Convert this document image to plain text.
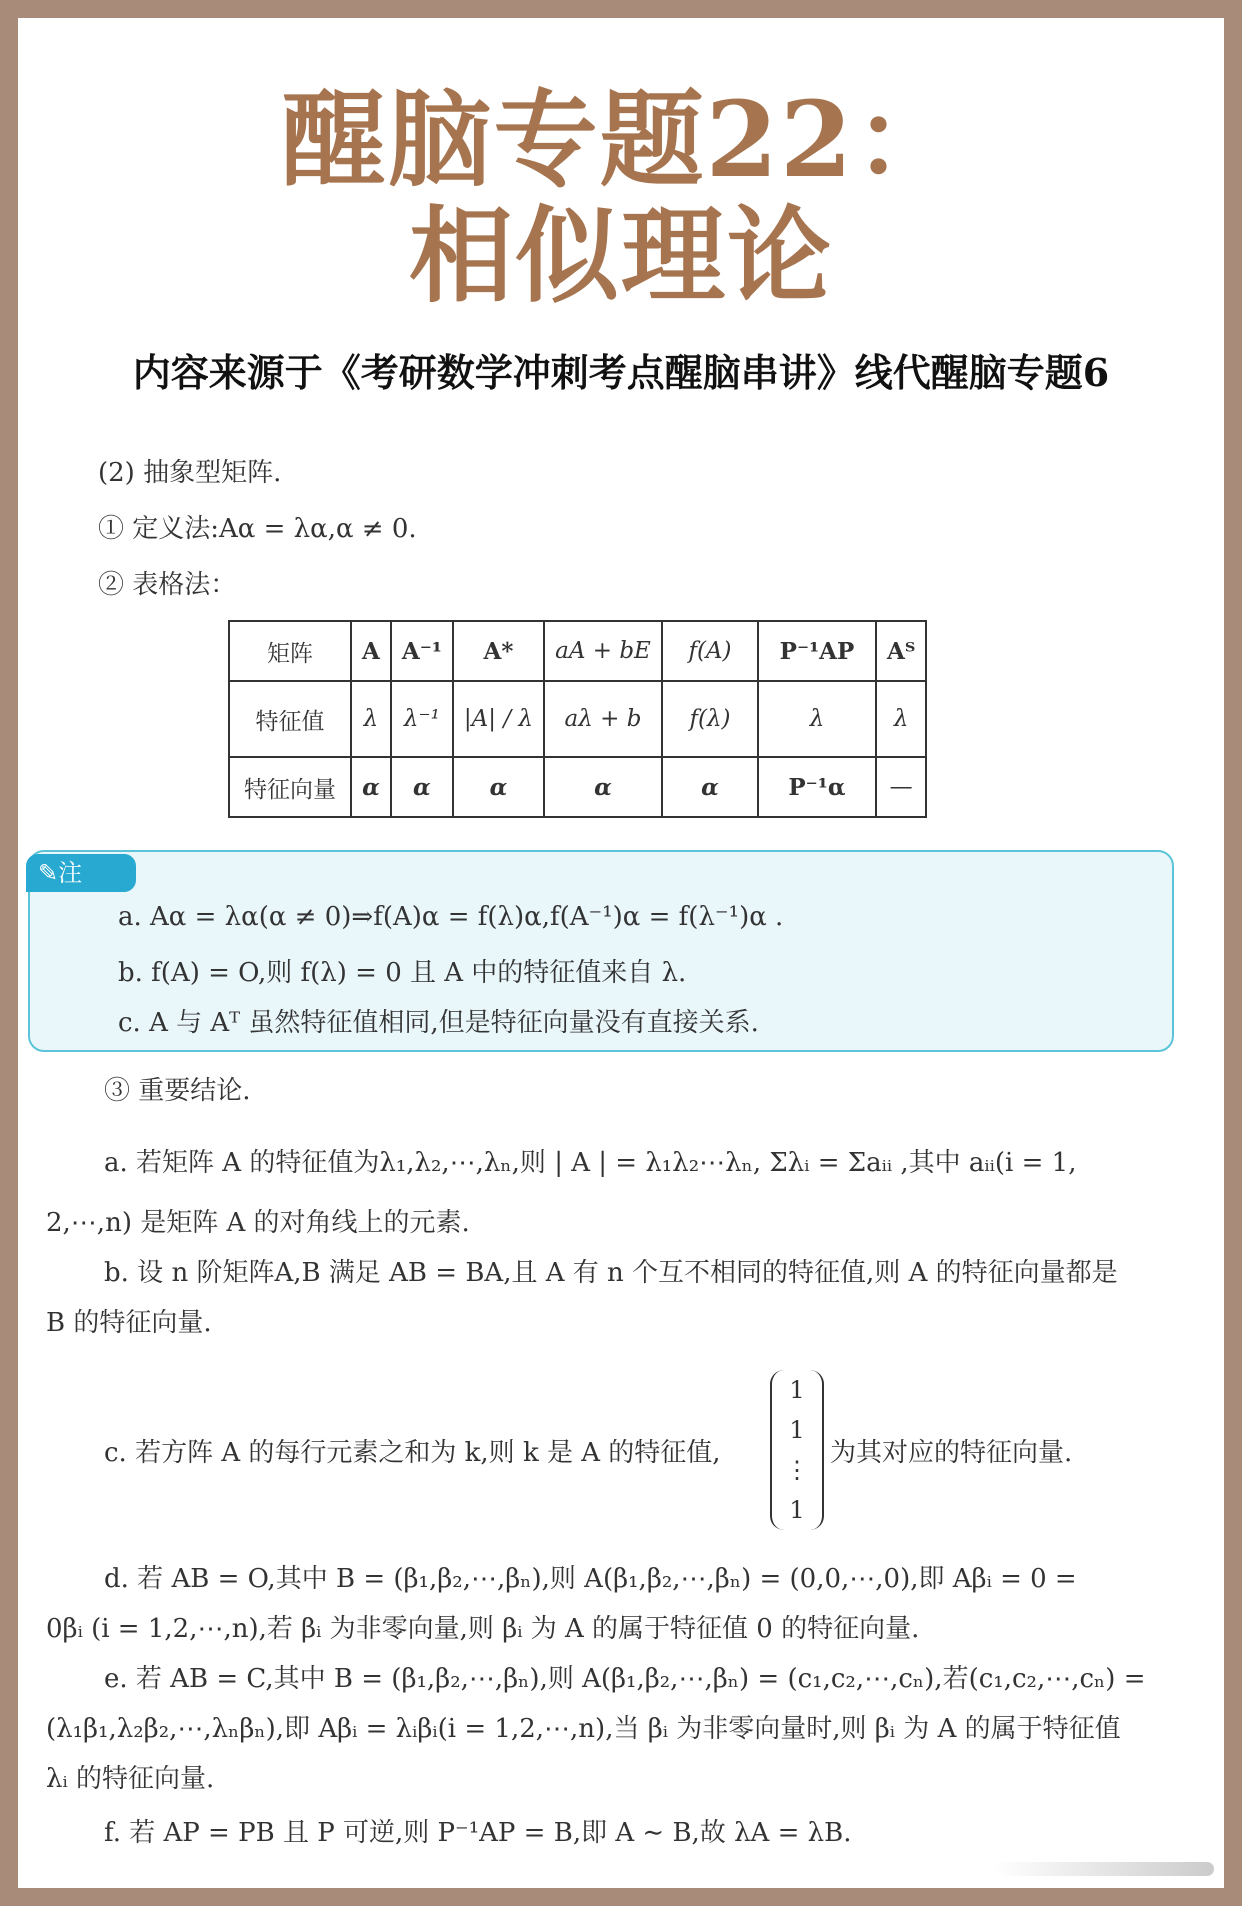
醒脑专题22：
相似理论
内容来源于《考研数学冲刺考点醒脑串讲》线代醒脑专题6
(2) 抽象型矩阵.
① 定义法:Aα = λα,α ≠ 0.
② 表格法：
矩阵	A	A⁻¹	A*	aA + bE	f(A)	P⁻¹AP	Aᵀ
特征值	λ	λ⁻¹	|A| / λ	aλ + b	f(λ)	λ	λ
特征向量	α	α	α	α	α	P⁻¹α	—
✎注
a. Aα = λα(α ≠ 0)⇒f(A)α = f(λ)α,f(A⁻¹)α = f(λ⁻¹)α .
b. f(A) = O,则 f(λ) = 0 且 A 中的特征值来自 λ.
c. A 与 Aᵀ 虽然特征值相同,但是特征向量没有直接关系.
③ 重要结论.
a. 若矩阵 A 的特征值为λ₁,λ₂,⋯,λₙ,则 | A | = λ₁λ₂⋯λₙ, Σλᵢ = Σaᵢᵢ ,其中 aᵢᵢ(i = 1,
2,⋯,n) 是矩阵 A 的对角线上的元素.
b. 设 n 阶矩阵A,B 满足 AB = BA,且 A 有 n 个互不相同的特征值,则 A 的特征向量都是
B 的特征向量.
c. 若方阵 A 的每行元素之和为 k,则 k 是 A 的特征值,
1
1
⋮
1
为其对应的特征向量.
d. 若 AB = O,其中 B = (β₁,β₂,⋯,βₙ),则 A(β₁,β₂,⋯,βₙ) = (0,0,⋯,0),即 Aβᵢ = 0 =
0βᵢ (i = 1,2,⋯,n),若 βᵢ 为非零向量,则 βᵢ 为 A 的属于特征值 0 的特征向量.
e. 若 AB = C,其中 B = (β₁,β₂,⋯,βₙ),则 A(β₁,β₂,⋯,βₙ) = (c₁,c₂,⋯,cₙ),若(c₁,c₂,⋯,cₙ) =
(λ₁β₁,λ₂β₂,⋯,λₙβₙ),即 Aβᵢ = λᵢβᵢ(i = 1,2,⋯,n),当 βᵢ 为非零向量时,则 βᵢ 为 A 的属于特征值
λᵢ 的特征向量.
f. 若 AP = PB 且 P 可逆,则 P⁻¹AP = B,即 A ∼ B,故 λA = λB.
